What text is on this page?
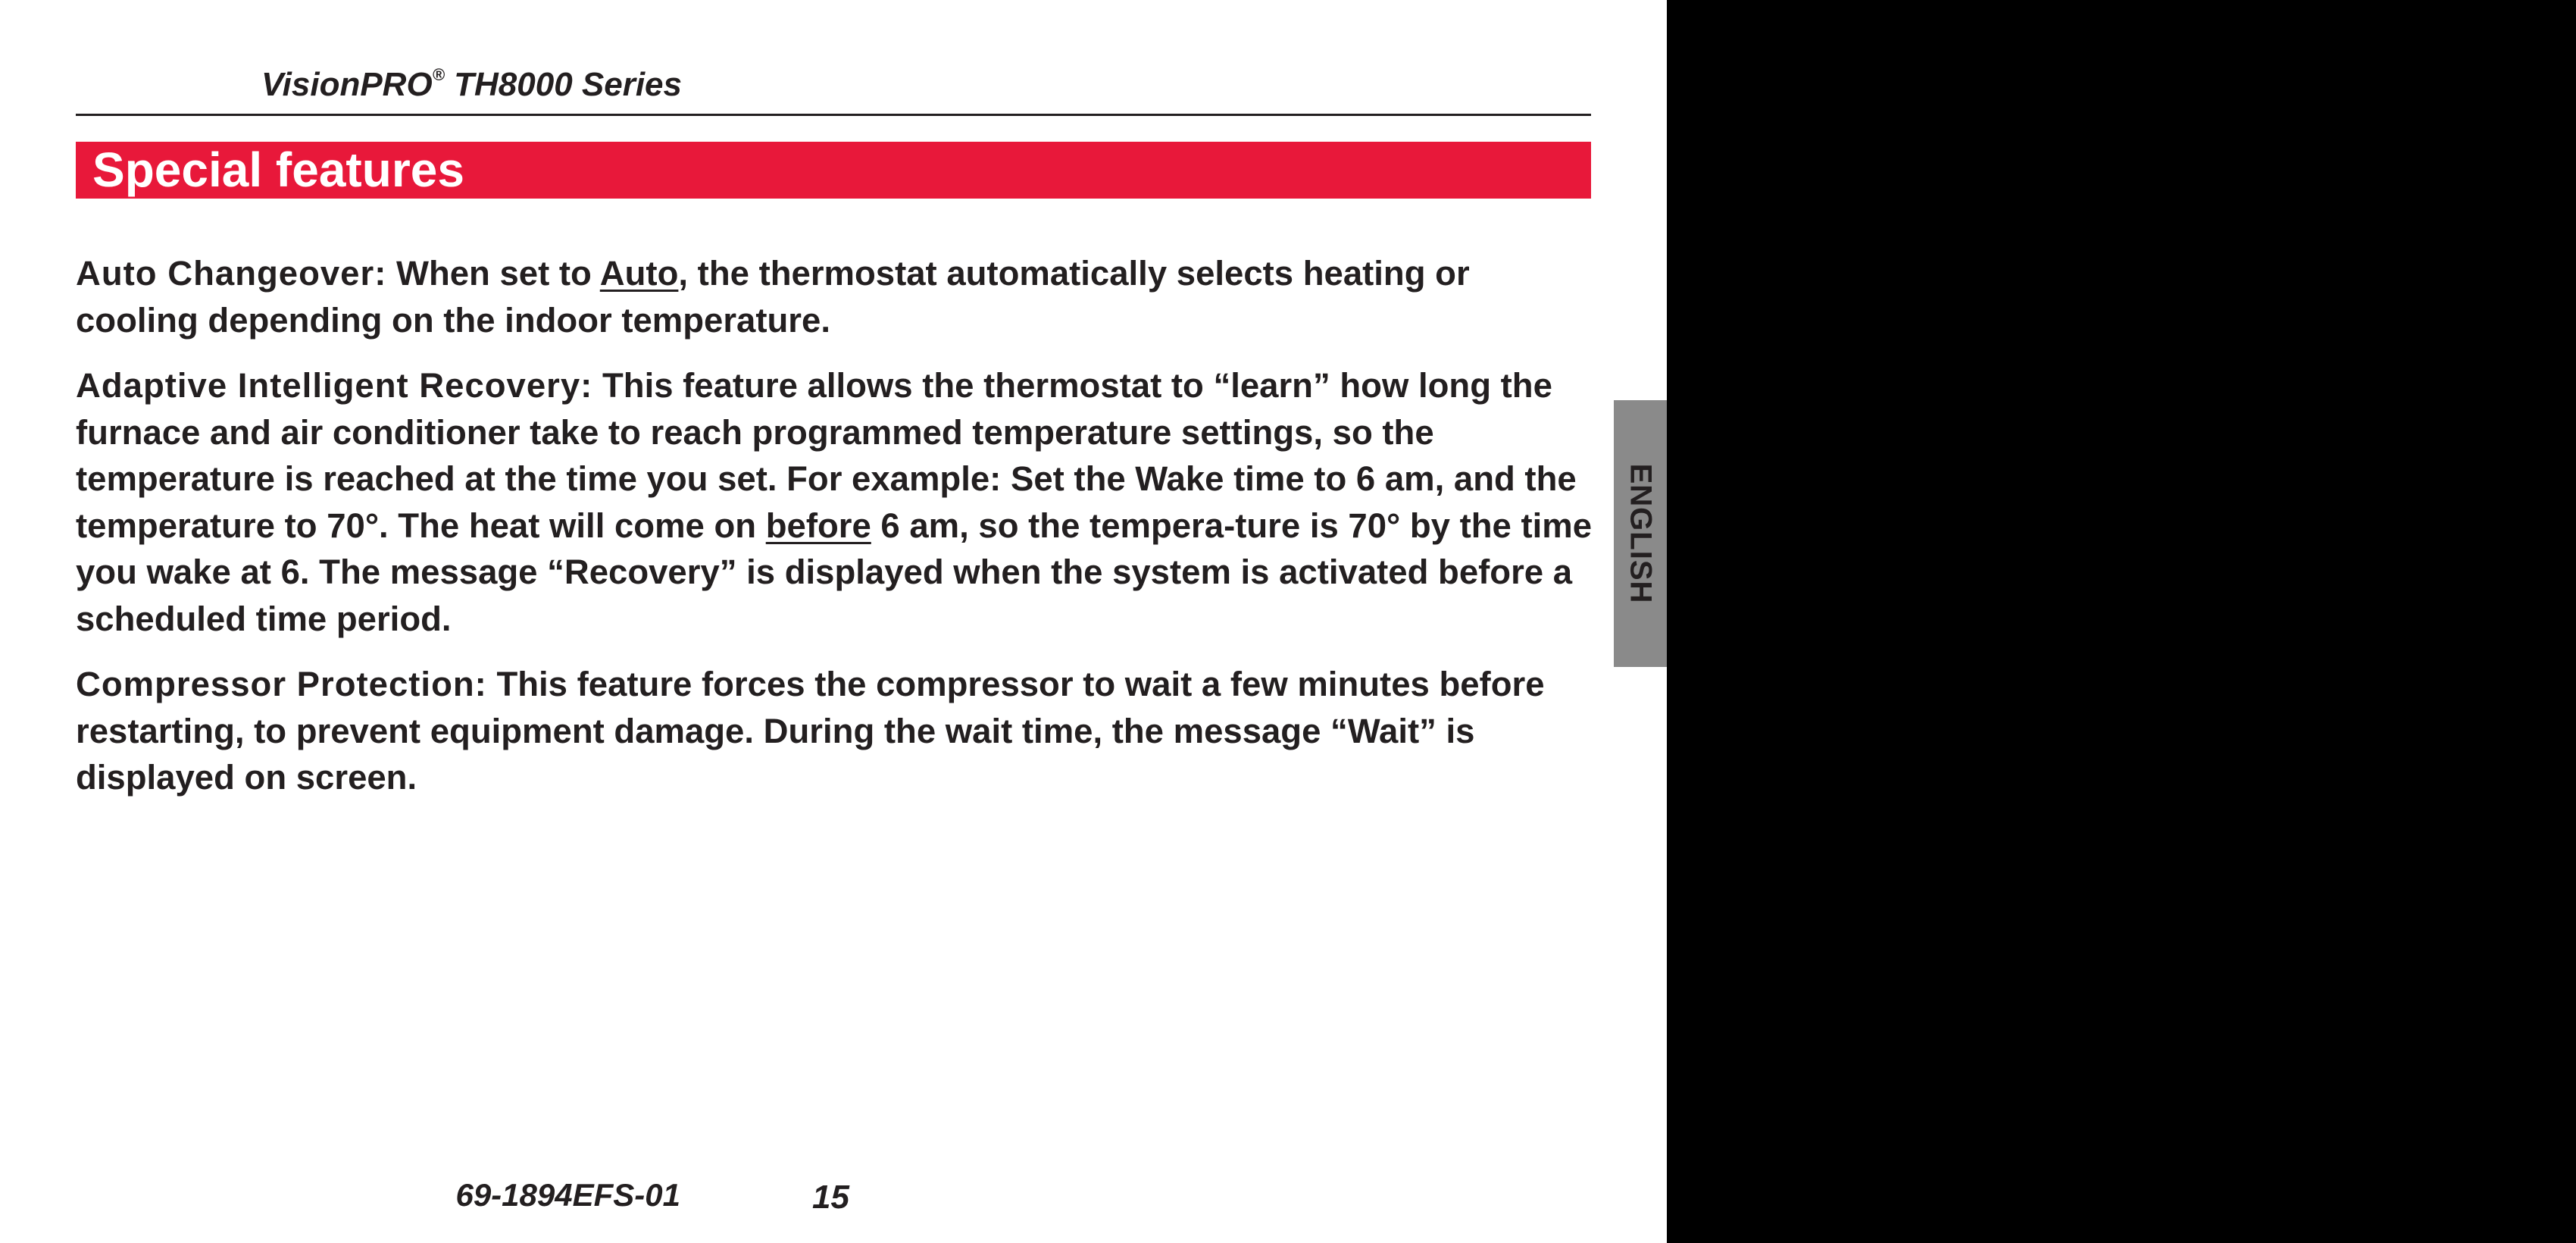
VisionPRO® TH8000 Series
Special features

Auto Changeover: When set to Auto, the thermostat automatically selects heating or cooling depending on the indoor temperature.

Adaptive Intelligent Recovery: This feature allows the thermostat to “learn” how long the furnace and air conditioner take to reach programmed temperature settings, so the temperature is reached at the time you set. For example: Set the Wake time to 6 am, and the temperature to 70°. The heat will come on before 6 am, so the tempera-ture is 70° by the time you wake at 6. The message “Recovery” is displayed when the system is activated before a scheduled time period.

Compressor Protection: This feature forces the compressor to wait a few minutes before restarting, to prevent equipment damage. During the wait time, the message “Wait” is displayed on screen.

ENGLISH
15
69-1894EFS-01
